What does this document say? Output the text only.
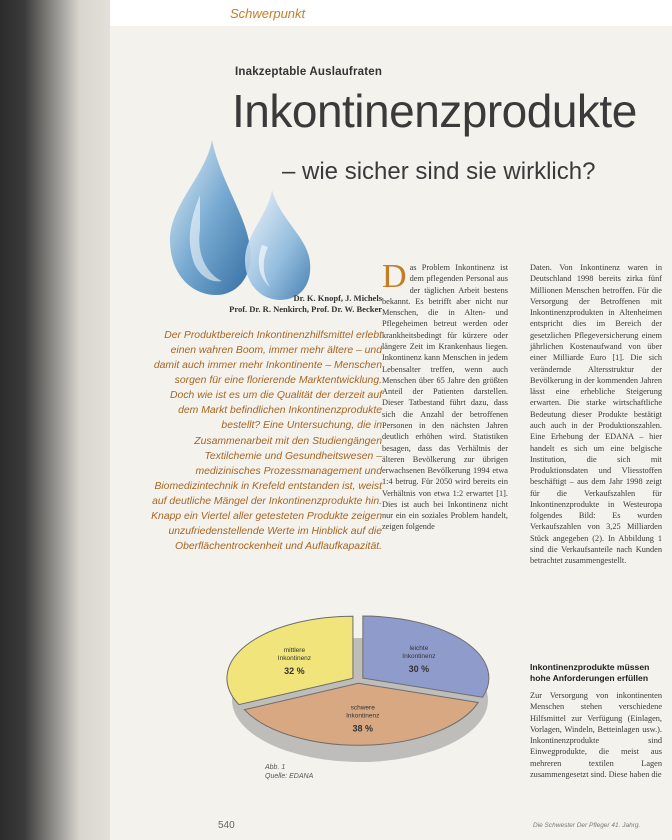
Schwerpunkt
Inakzeptable Auslaufraten
Inkontinenzprodukte
– wie sicher sind sie wirklich?
Dr. K. Knopf, J. Michels
Prof. Dr. R. Nenkirch, Prof. Dr. W. Becker
Der Produktbereich Inkontinenzhilfsmittel erlebt einen wahren Boom, immer mehr ältere – und damit auch immer mehr Inkontinente – Menschen sorgen für eine florierende Marktentwicklung. Doch wie ist es um die Qualität der derzeit auf dem Markt befindlichen Inkontinenzprodukte bestellt? Eine Untersuchung, die in Zusammenarbeit mit den Studiengängen Textilchemie und Gesundheitswesen – medizinisches Prozessmanagement und Biomedizintechnik in Krefeld entstanden ist, weist auf deutliche Mängel der Inkontinenzprodukte hin. Knapp ein Viertel aller getesteten Produkte zeigen unzufriedenstellende Werte im Hinblick auf die Oberflächentrockenheit und Auflaufkapazität.
Das Problem Inkontinenz ist dem pflegenden Personal aus der täglichen Arbeit bestens bekannt. Es betrifft aber nicht nur Menschen, die in Alten- und Pflegeheimen betreut werden oder krankheitsbedingt für kürzere oder längere Zeit im Krankenhaus liegen. Inkontinenz kann Menschen in jedem Lebensalter treffen, wenn auch Menschen über 65 Jahre den größten Anteil der Patienten darstellen. Dieser Tatbestand führt dazu, dass sich die Anzahl der betroffenen Personen in den nächsten Jahren deutlich erhöhen wird. Statistiken besagen, dass das Verhältnis der älteren Bevölkerung zur übrigen erwachsenen Bevölkerung 1994 etwa 1:4 betrug. Für 2050 wird bereits ein Verhältnis von etwa 1:2 erwartet [1]. Dies ist auch bei Inkontinenz nicht nur ein ein soziales Problem handelt, zeigen folgende
Daten. Von Inkontinenz waren in Deutschland 1998 bereits zirka fünf Millionen Menschen betroffen. Für die Versorgung der Betroffenen mit Inkontinenzprodukten in Altenheimen entspricht dies im Bereich der gesetzlichen Pflegeversicherung einem jährlichen Kostenaufwand von über einer Milliarde Euro [1]. Die sich verändernde Altersstruktur der Bevölkerung in der kommenden Jahren lässt eine erhebliche Steigerung erwarten. Die starke wirtschaftliche Bedeutung dieser Produkte bestätigt auch auch in der Produktionszahlen. Eine Erhebung der EDANA – hier handelt es sich um eine belgische Institution, die sich mit Produktionsdaten und Vliesstoffen beschäftigt – aus dem Jahr 1998 zeigt für die Verkaufszahlen für Inkontinenzprodukte in Westeuropa folgendes Bild: Es wurden Verkaufszahlen von 3,25 Milliarden Stück angegeben (2). In Abbildung 1 sind die Verkaufsanteile nach Kunden betrachtet zusammengestellt.
Inkontinenzprodukte müssen hohe Anforderungen erfüllen
Zur Versorgung von inkontinenten Menschen stehen verschiedene Hilfsmittel zur Verfügung (Einlagen, Vorlagen, Windeln, Betteinlagen usw.). Inkontinenzprodukte sind Einwegprodukte, die meist aus mehreren textilen Lagen zusammengesetzt sind. Diese haben die
leichte
Inkontinenz
30 %
schwere
Inkontinenz
38 %
mittlere
Inkontinenz
32 %
Abb. 1
Quelle: EDANA
540	Die Schwester Der Pfleger 41. Jahrg.
